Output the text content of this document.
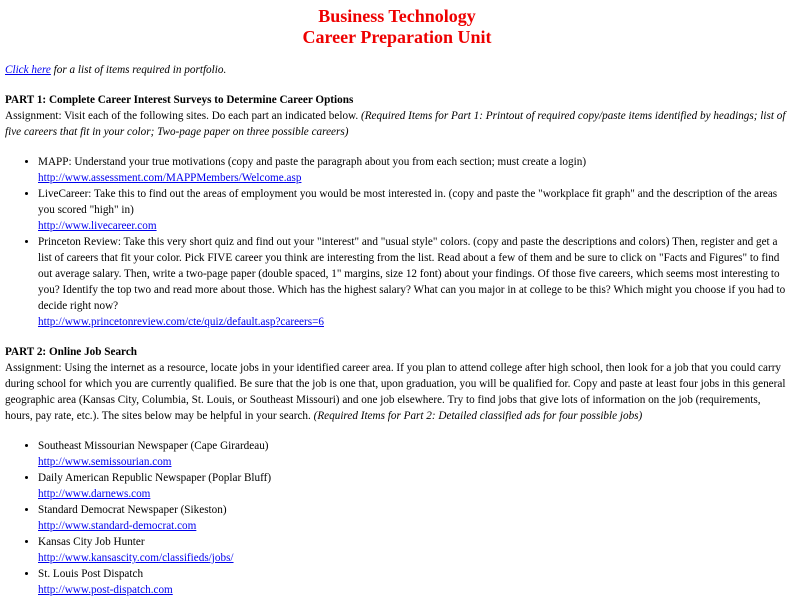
Business Technology
Career Preparation Unit

Click here for a list of items required in portfolio.

PART 1: Complete Career Interest Surveys to Determine Career Options
Assignment: Visit each of the following sites. Do each part an indicated below. (Required Items for Part 1: Printout of required copy/paste items identified by headings; list of five careers that fit in your color; Two-page paper on three possible careers)

• MAPP: Understand your true motivations (copy and paste the paragraph about you from each section; must create a login)
http://www.assessment.com/MAPPMembers/Welcome.asp
• LiveCareer: Take this to find out the areas of employment you would be most interested in. (copy and paste the "workplace fit graph" and the description of the areas you scored "high" in)
http://www.livecareer.com
• Princeton Review: Take this very short quiz and find out your "interest" and "usual style" colors. (copy and paste the descriptions and colors) Then, register and get a list of careers that fit your color. Pick FIVE career you think are interesting from the list. Read about a few of them and be sure to click on "Facts and Figures" to find out average salary. Then, write a two-page paper (double spaced, 1" margins, size 12 font) about your findings. Of those five careers, which seems most interesting to you? Identify the top two and read more about those. Which has the highest salary? What can you major in at college to be this? Which might you choose if you had to decide right now?
http://www.princetonreview.com/cte/quiz/default.asp?careers=6

PART 2: Online Job Search
Assignment: Using the internet as a resource, locate jobs in your identified career area. If you plan to attend college after high school, then look for a job that you could carry during school for which you are currently qualified. Be sure that the job is one that, upon graduation, you will be qualified for. Copy and paste at least four jobs in this general geographic area (Kansas City, Columbia, St. Louis, or Southeast Missouri) and one job elsewhere. Try to find jobs that give lots of information on the job (requirements, hours, pay rate, etc.). The sites below may be helpful in your search. (Required Items for Part 2: Detailed classified ads for four possible jobs)

• Southeast Missourian Newspaper (Cape Girardeau)
http://www.semissourian.com
• Daily American Republic Newspaper (Poplar Bluff)
http://www.darnews.com
• Standard Democrat Newspaper (Sikeston)
http://www.standard-democrat.com
• Kansas City Job Hunter
http://www.kansascity.com/classifieds/jobs/
• St. Louis Post Dispatch
http://www.post-dispatch.com
